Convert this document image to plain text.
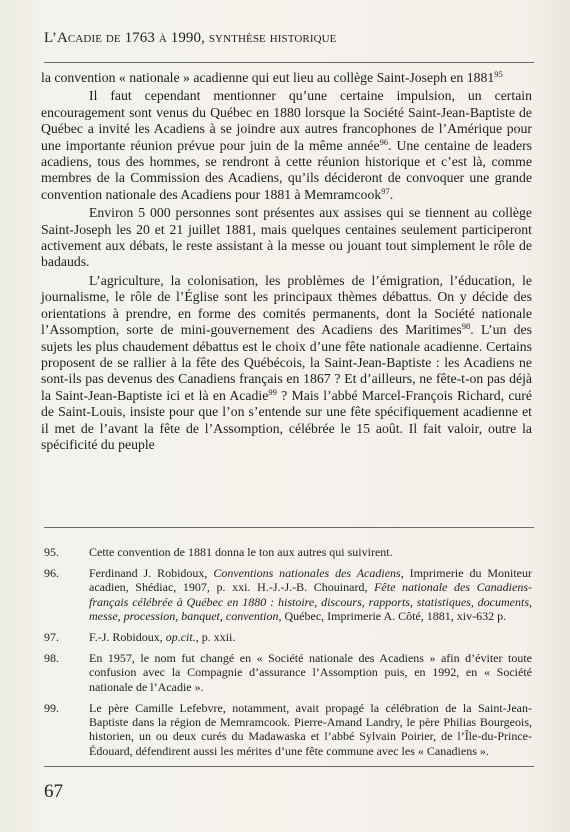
L’Acadie de 1763 à 1990, synthèse historique

la convention « nationale » acadienne qui eut lieu au collège Saint-Joseph en 1881$^{95}$

Il faut cependant mentionner qu’une certaine impulsion, un certain encouragement sont venus du Québec en 1880 lorsque la Société Saint-Jean-Baptiste de Québec a invité les Acadiens à se joindre aux autres francophones de l’Amérique pour une importante réunion prévue pour juin de la même année$^{96}$. Une centaine de leaders acadiens, tous des hommes, se rendront à cette réunion historique et c’est là, comme membres de la Commission des Acadiens, qu’ils décideront de convoquer une grande convention nationale des Acadiens pour 1881 à Memramcook$^{97}$.

Environ 5 000 personnes sont présentes aux assises qui se tiennent au collège Saint-Joseph les 20 et 21 juillet 1881, mais quelques centaines seulement participeront activement aux débats, le reste assistant à la messe ou jouant tout simplement le rôle de badauds.

L’agriculture, la colonisation, les problèmes de l’émigration, l’éducation, le journalisme, le rôle de l’Église sont les principaux thèmes débattus. On y décide des orientations à prendre, en forme des comités permanents, dont la Société nationale l’Assomption, sorte de mini-gouvernement des Acadiens des Maritimes$^{98}$. L’un des sujets les plus chaudement débattus est le choix d’une fête nationale acadienne. Certains proposent de se rallier à la fête des Québécois, la Saint-Jean-Baptiste : les Acadiens ne sont-ils pas devenus des Canadiens français en 1867 ? Et d’ailleurs, ne fête-t-on pas déjà la Saint-Jean-Baptiste ici et là en Acadie$^{99}$ ? Mais l’abbé Marcel-François Richard, curé de Saint-Louis, insiste pour que l’on s’entende sur une fête spécifiquement acadienne et il met de l’avant la fête de l’Assomption, célébrée le 15 août. Il fait valoir, outre la spécificité du peuple

95.	Cette convention de 1881 donna le ton aux autres qui suivirent.
96.	Ferdinand J. Robidoux, Conventions nationales des Acadiens, Imprimerie du Moniteur acadien, Shédiac, 1907, p. xxi. H.-J.-J.-B. Chouinard, Fête nationale des Canadiens-français célébrée à Québec en 1880 : histoire, discours, rapports, statistiques, documents, messe, procession, banquet, convention, Québec, Imprimerie A. Côté, 1881, xiv-632 p.
97.	F.-J. Robidoux, op.cit., p. xxii.
98.	En 1957, le nom fut changé en « Société nationale des Acadiens » afin d’éviter toute confusion avec la Compagnie d’assurance l’Assomption puis, en 1992, en « Société nationale de l’Acadie ».
99.	Le père Camille Lefebvre, notamment, avait propagé la célébration de la Saint-Jean-Baptiste dans la région de Memramcook. Pierre-Amand Landry, le père Philias Bourgeois, historien, un ou deux curés du Madawaska et l’abbé Sylvain Poirier, de l’Île-du-Prince-Édouard, défendirent aussi les mérites d’une fête commune avec les « Canadiens ».
67
